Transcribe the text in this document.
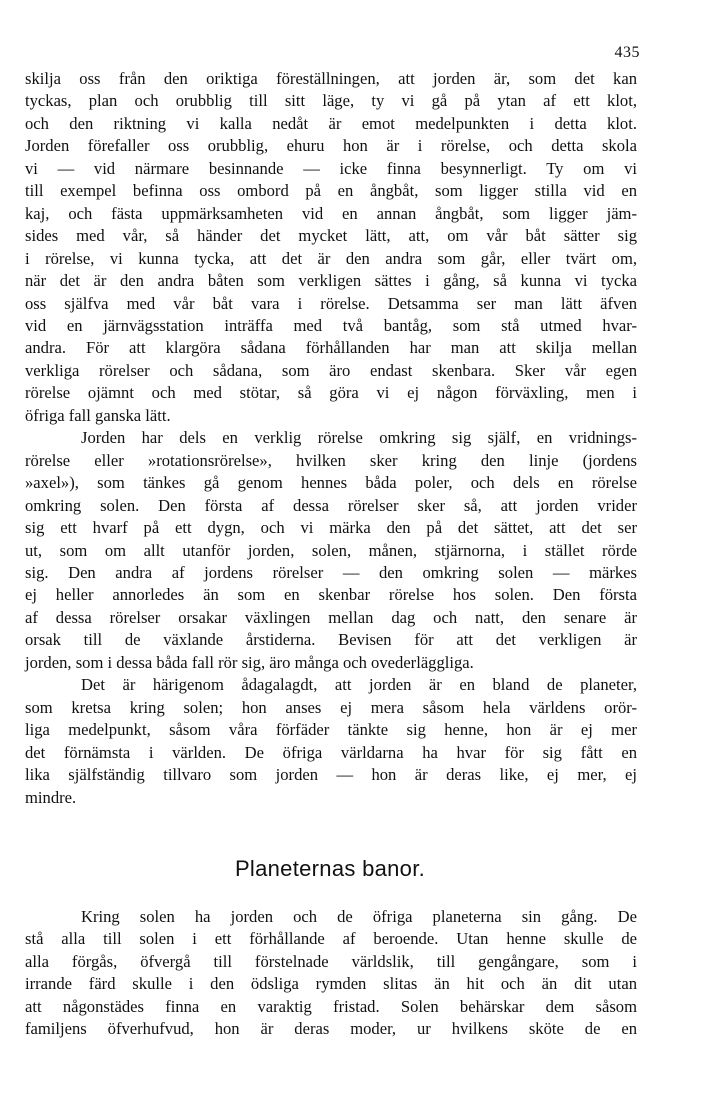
435
skilja oss från den oriktiga föreställningen, att jorden är, som det kan
tyckas, plan och orubblig till sitt läge, ty vi gå på ytan af ett klot,
och den riktning vi kalla nedåt är emot medelpunkten i detta klot.
Jorden förefaller oss orubblig, ehuru hon är i rörelse, och detta skola
vi — vid närmare besinnande — icke finna besynnerligt. Ty om vi
till exempel befinna oss ombord på en ångbåt, som ligger stilla vid en
kaj, och fästa uppmärksamheten vid en annan ångbåt, som ligger jäm-
sides med vår, så händer det mycket lätt, att, om vår båt sätter sig
i rörelse, vi kunna tycka, att det är den andra som går, eller tvärt om,
när det är den andra båten som verkligen sättes i gång, så kunna vi tycka
oss själfva med vår båt vara i rörelse. Detsamma ser man lätt äfven
vid en järnvägsstation inträffa med två bantåg, som stå utmed hvar-
andra. För att klargöra sådana förhållanden har man att skilja mellan
verkliga rörelser och sådana, som äro endast skenbara. Sker vår egen
rörelse ojämnt och med stötar, så göra vi ej någon förväxling, men i
öfriga fall ganska lätt.
Jorden har dels en verklig rörelse omkring sig själf, en vridnings-
rörelse eller »rotationsrörelse», hvilken sker kring den linje (jordens
»axel»), som tänkes gå genom hennes båda poler, och dels en rörelse
omkring solen. Den första af dessa rörelser sker så, att jorden vrider
sig ett hvarf på ett dygn, och vi märka den på det sättet, att det ser
ut, som om allt utanför jorden, solen, månen, stjärnorna, i stället rörde
sig. Den andra af jordens rörelser — den omkring solen — märkes
ej heller annorledes än som en skenbar rörelse hos solen. Den första
af dessa rörelser orsakar växlingen mellan dag och natt, den senare är
orsak till de växlande årstiderna. Bevisen för att det verkligen är
jorden, som i dessa båda fall rör sig, äro många och ovederläggliga.
Det är härigenom ådagalagdt, att jorden är en bland de planeter,
som kretsa kring solen; hon anses ej mera såsom hela världens orör-
liga medelpunkt, såsom våra förfäder tänkte sig henne, hon är ej mer
det förnämsta i världen. De öfriga världarna ha hvar för sig fått en
lika själfständig tillvaro som jorden — hon är deras like, ej mer, ej
mindre.
Planeternas banor.
Kring solen ha jorden och de öfriga planeterna sin gång. De
stå alla till solen i ett förhållande af beroende. Utan henne skulle de
alla förgås, öfvergå till förstelnade världslik, till gengångare, som i
irrande färd skulle i den ödsliga rymden slitas än hit och än dit utan
att någonstädes finna en varaktig fristad. Solen behärskar dem såsom
familjens öfverhufvud, hon är deras moder, ur hvilkens sköte de en
